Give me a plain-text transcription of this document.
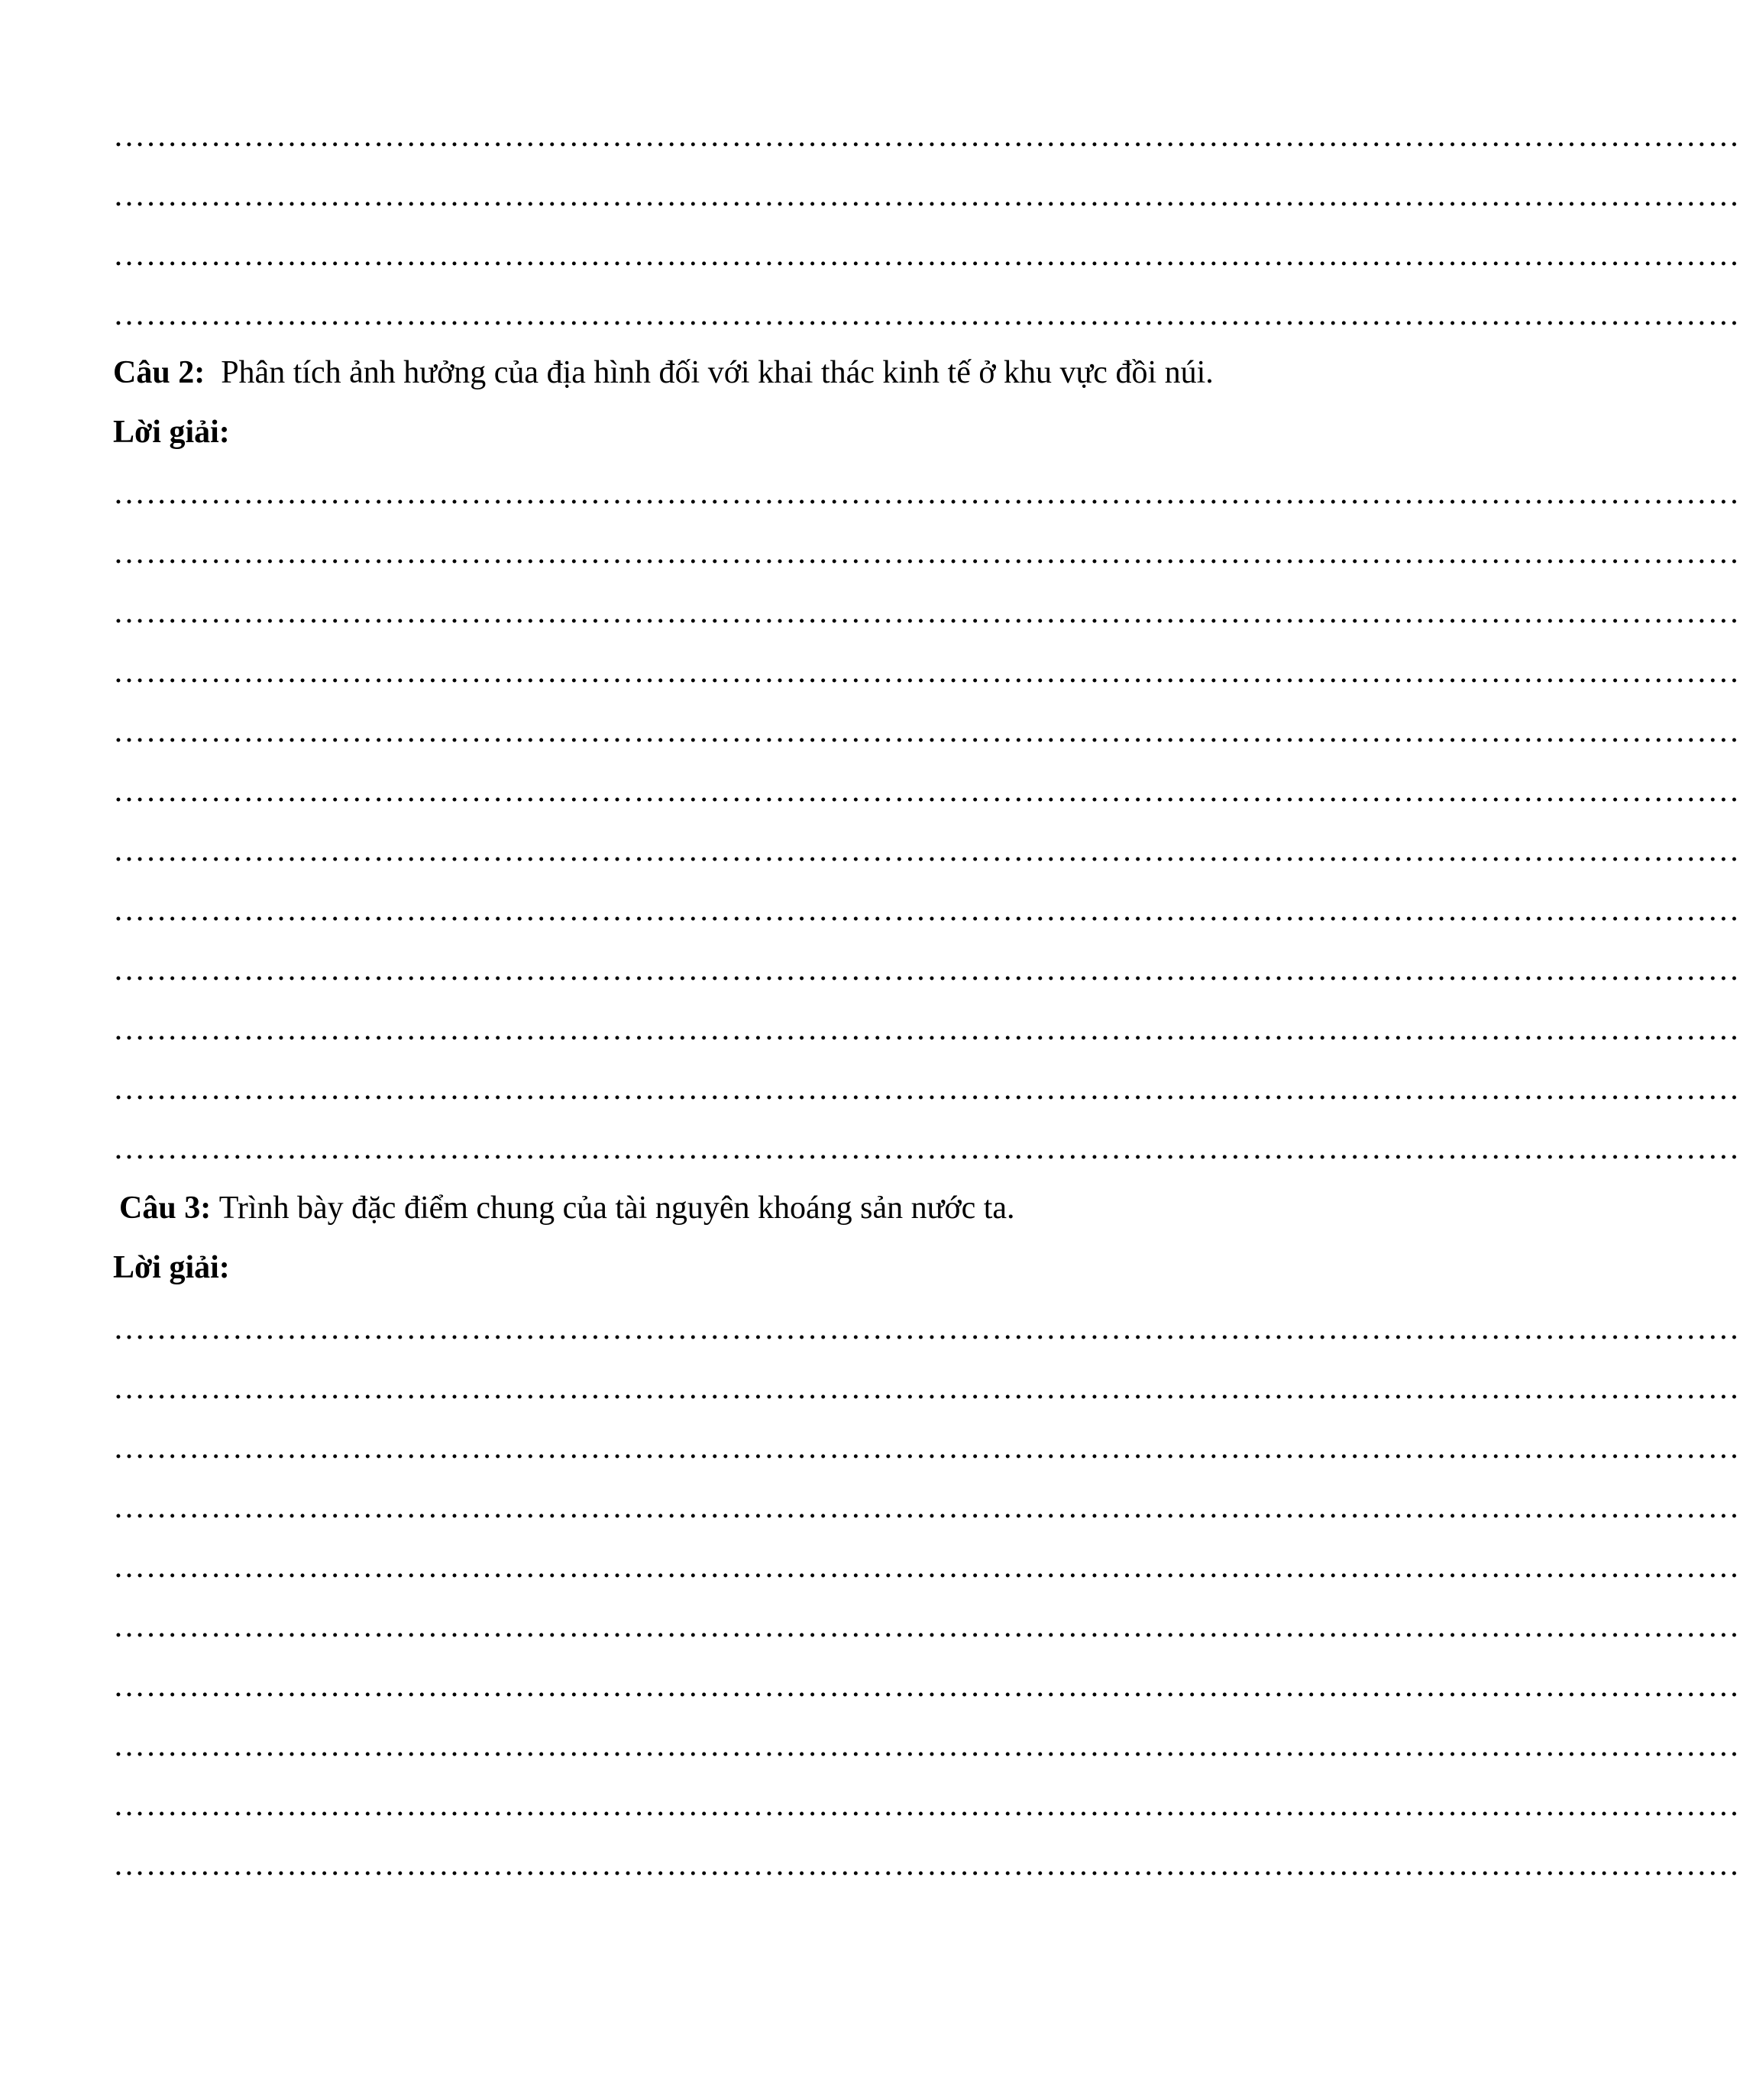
……………………………………………………………………………………………………………………………………
……………………………………………………………………………………………………………………………………
……………………………………………………………………………………………………………………………………
……………………………………………………………………………………………………………………………………
Câu 2: Phân tích ảnh hưởng của địa hình đối với khai thác kinh tế ở khu vực đồi núi.
Lời giải:
……………………………………………………………………………………………………………………………………
……………………………………………………………………………………………………………………………………
……………………………………………………………………………………………………………………………………
……………………………………………………………………………………………………………………………………
……………………………………………………………………………………………………………………………………
……………………………………………………………………………………………………………………………………
……………………………………………………………………………………………………………………………………
……………………………………………………………………………………………………………………………………
……………………………………………………………………………………………………………………………………
……………………………………………………………………………………………………………………………………
……………………………………………………………………………………………………………………………………
……………………………………………………………………………………………………………………………………
Câu 3: Trình bày đặc điểm chung của tài nguyên khoáng sản nước ta.
Lời giải:
……………………………………………………………………………………………………………………………………
……………………………………………………………………………………………………………………………………
……………………………………………………………………………………………………………………………………
……………………………………………………………………………………………………………………………………
……………………………………………………………………………………………………………………………………
……………………………………………………………………………………………………………………………………
……………………………………………………………………………………………………………………………………
……………………………………………………………………………………………………………………………………
……………………………………………………………………………………………………………………………………
……………………………………………………………………………………………………………………………………
